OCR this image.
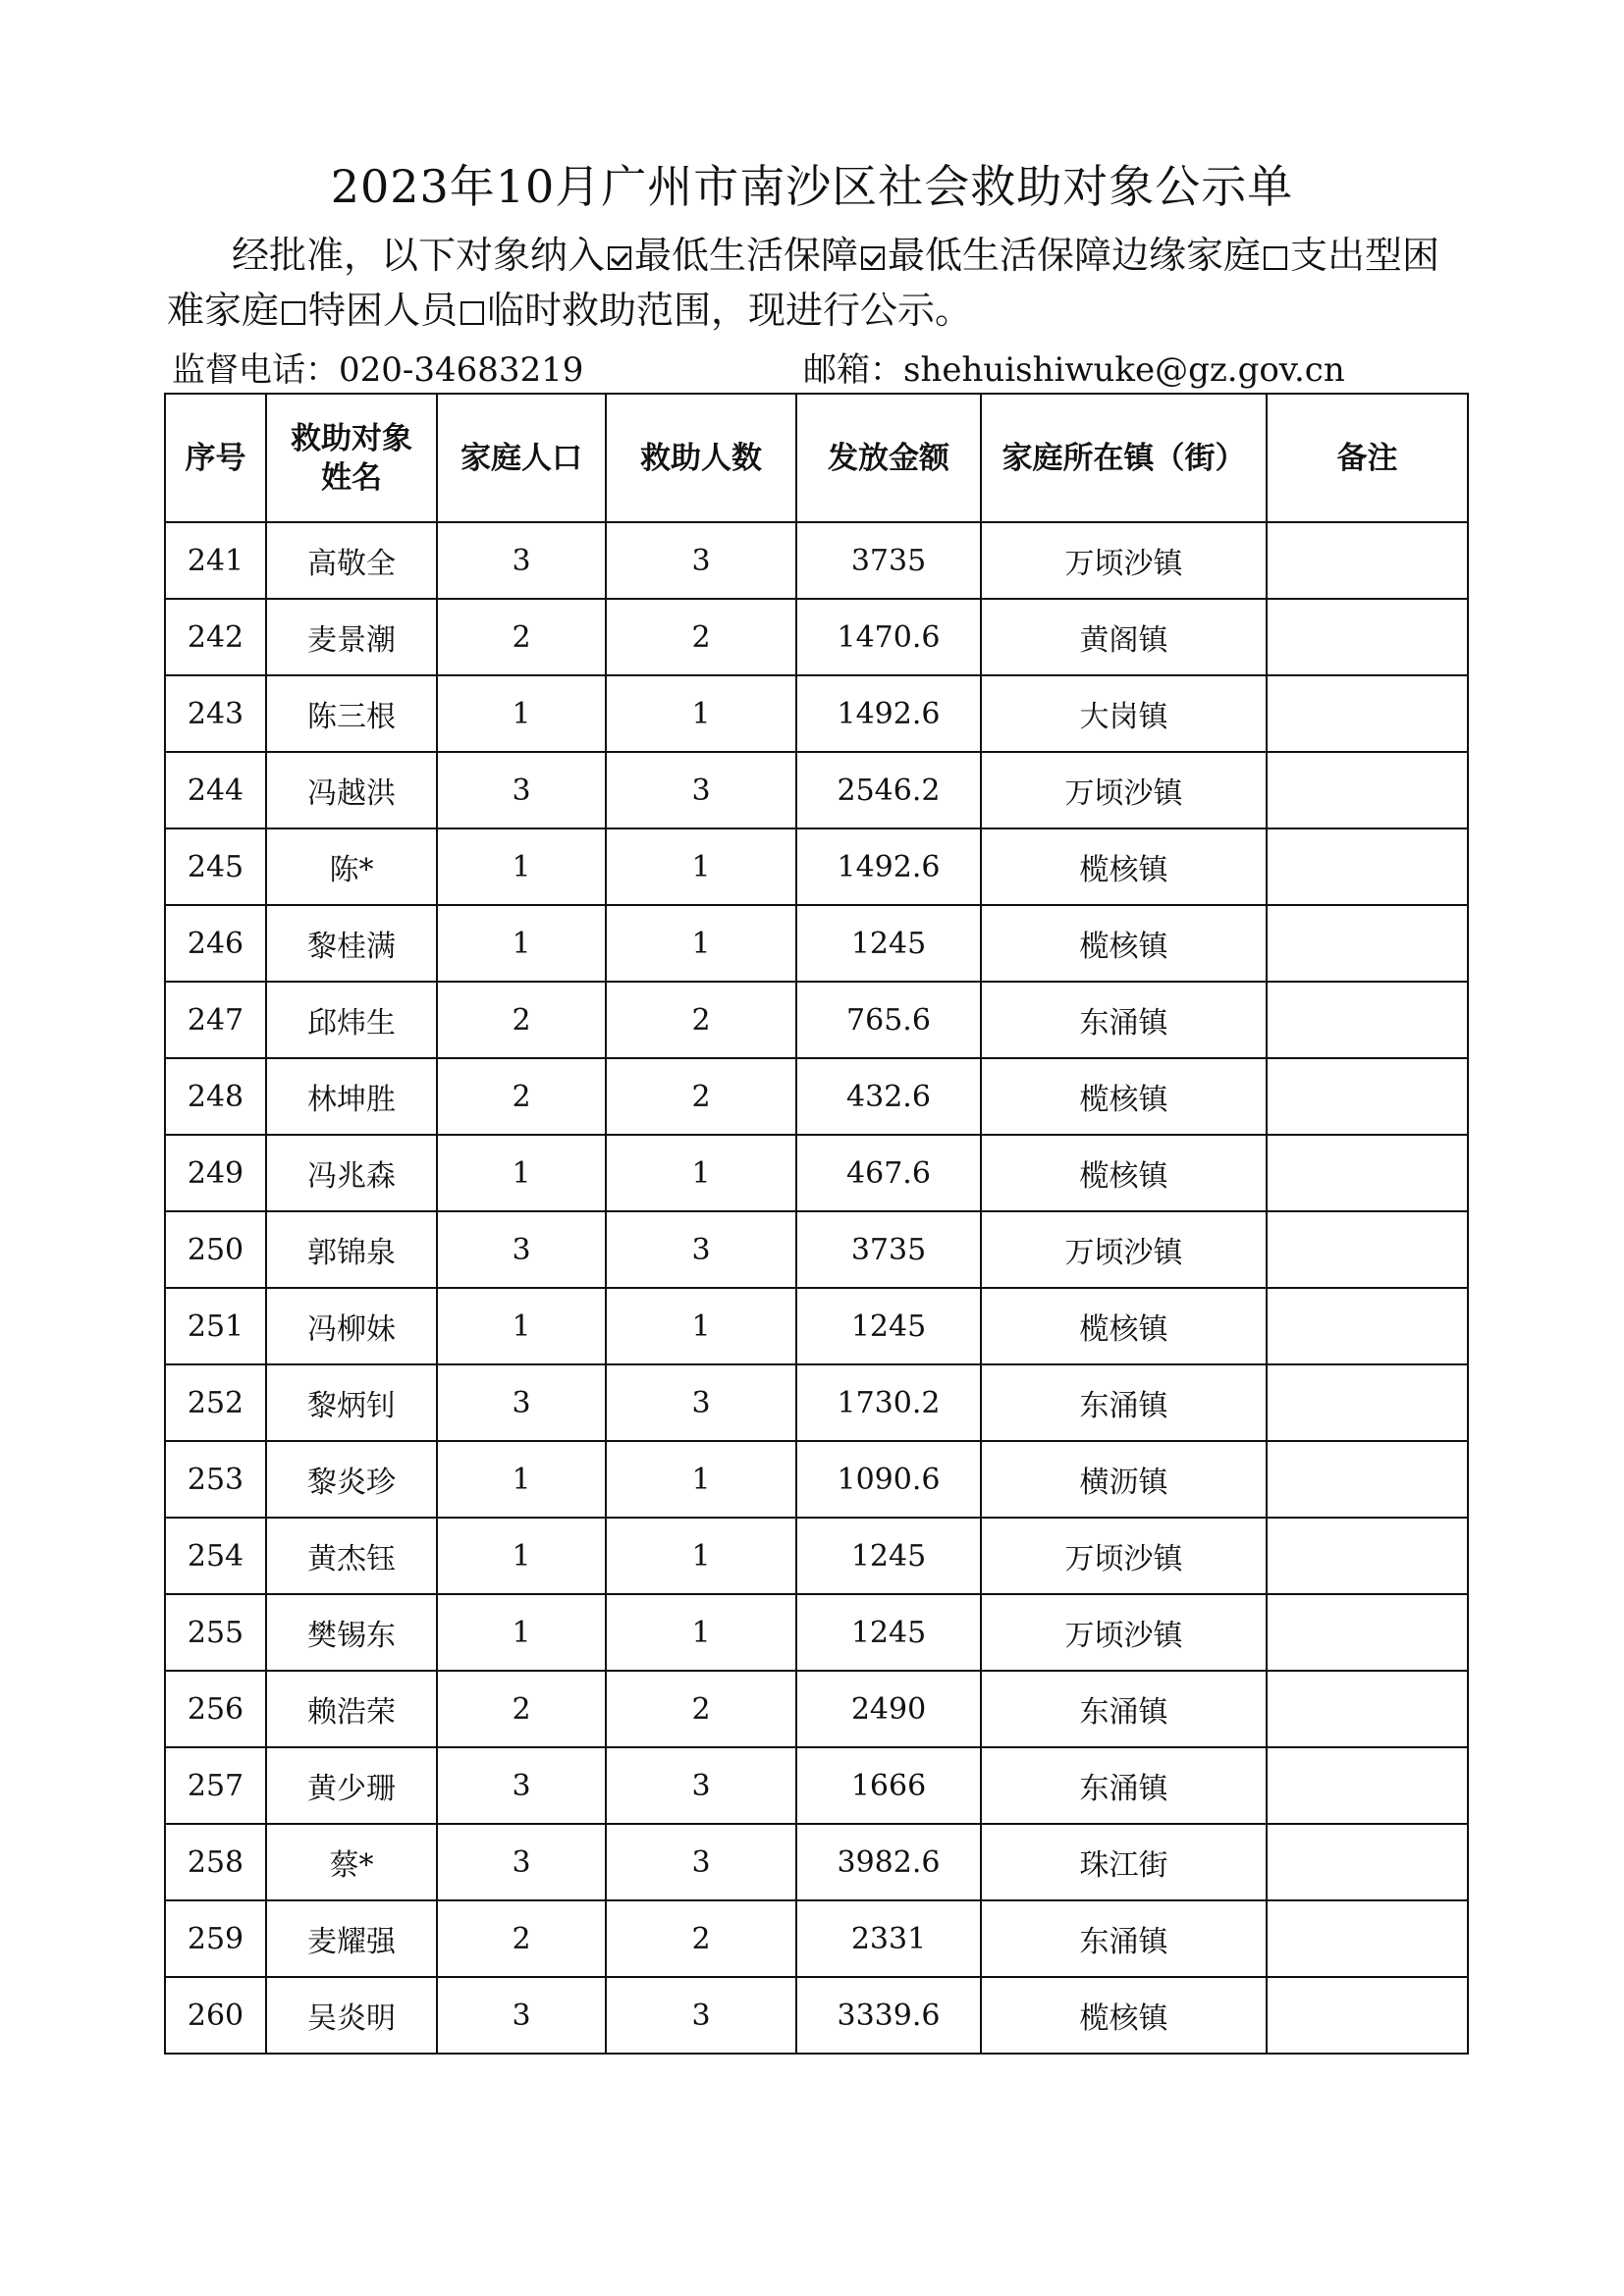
2023年10月广州市南沙区社会救助对象公示单
经批准，以下对象纳入 最低生活保障 最低生活保障边缘家庭 支出型困难家庭 特困人员 临时救助范围，现进行公示。
监督电话：020-34683219	邮箱：shehuishiwuke@gz.gov.cn
序号	救助对象姓名	家庭人口	救助人数	发放金额	家庭所在镇（街）	备注
241	高敬全	3	3	3735	万顷沙镇	
242	麦景潮	2	2	1470.6	黄阁镇	
243	陈三根	1	1	1492.6	大岗镇	
244	冯越洪	3	3	2546.2	万顷沙镇	
245	陈*	1	1	1492.6	榄核镇	
246	黎桂满	1	1	1245	榄核镇	
247	邱炜生	2	2	765.6	东涌镇	
248	林坤胜	2	2	432.6	榄核镇	
249	冯兆森	1	1	467.6	榄核镇	
250	郭锦泉	3	3	3735	万顷沙镇	
251	冯柳妹	1	1	1245	榄核镇	
252	黎炳钊	3	3	1730.2	东涌镇	
253	黎炎珍	1	1	1090.6	横沥镇	
254	黄杰钰	1	1	1245	万顷沙镇	
255	樊锡东	1	1	1245	万顷沙镇	
256	赖浩荣	2	2	2490	东涌镇	
257	黄少珊	3	3	1666	东涌镇	
258	蔡*	3	3	3982.6	珠江街	
259	麦耀强	2	2	2331	东涌镇	
260	吴炎明	3	3	3339.6	榄核镇	
